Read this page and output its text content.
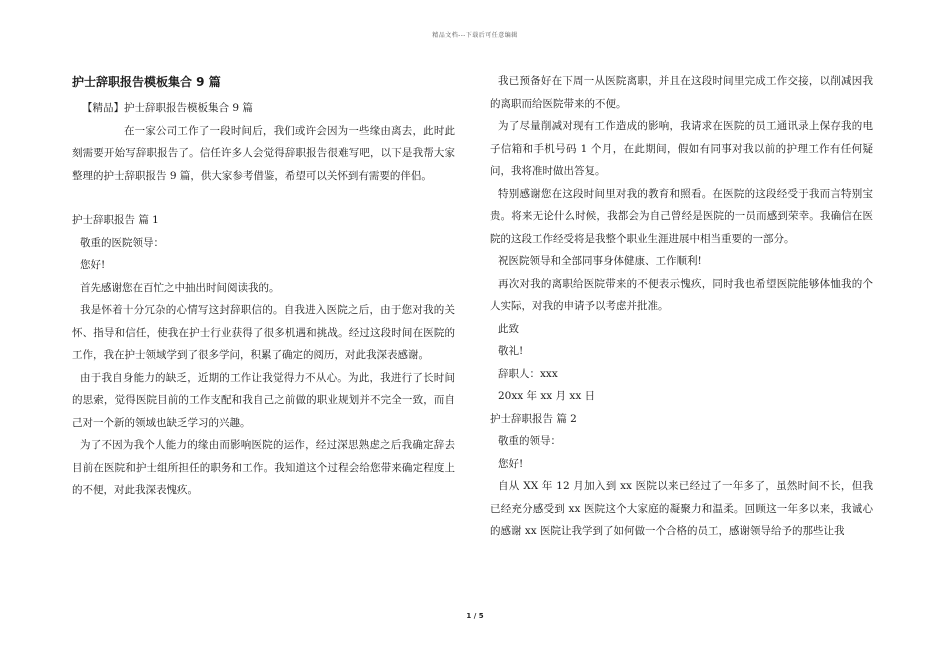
精品文档---下载后可任意编辑
护士辞职报告模板集合 9 篇

【精品】护士辞职报告模板集合 9 篇

在一家公司工作了一段时间后，我们或许会因为一些缘由离去，此时此刻需要开始写辞职报告了。信任许多人会觉得辞职报告很难写吧，以下是我帮大家整理的护士辞职报告 9 篇，供大家参考借鉴，希望可以关怀到有需要的伴侣。

护士辞职报告 篇 1

敬重的医院领导：

您好!

首先感谢您在百忙之中抽出时间阅读我的。

我是怀着十分冗杂的心情写这封辞职信的。自我进入医院之后，由于您对我的关怀、指导和信任，使我在护士行业获得了很多机遇和挑战。经过这段时间在医院的工作，我在护士领域学到了很多学问，积累了确定的阅历，对此我深表感谢。

由于我自身能力的缺乏，近期的工作让我觉得力不从心。为此，我进行了长时间的思索，觉得医院目前的工作支配和我自己之前做的职业规划并不完全一致，而自己对一个新的领域也缺乏学习的兴趣。

为了不因为我个人能力的缘由而影响医院的运作，经过深思熟虑之后我确定辞去目前在医院和护士组所担任的职务和工作。我知道这个过程会给您带来确定程度上的不便，对此我深表愧疚。

我已预备好在下周一从医院离职，并且在这段时间里完成工作交接，以削减因我的离职而给医院带来的不便。

为了尽量削减对现有工作造成的影响，我请求在医院的员工通讯录上保存我的电子信箱和手机号码 1 个月，在此期间，假如有同事对我以前的护理工作有任何疑问，我将准时做出答复。

特别感谢您在这段时间里对我的教育和照看。在医院的这段经受于我而言特别宝贵。将来无论什么时候，我都会为自己曾经是医院的一员而感到荣幸。我确信在医院的这段工作经受将是我整个职业生涯进展中相当重要的一部分。

祝医院领导和全部同事身体健康、工作顺利!

再次对我的离职给医院带来的不便表示愧疚，同时我也希望医院能够体恤我的个人实际，对我的申请予以考虑并批准。

此致

敬礼!

辞职人：xxx

20xx 年 xx 月 xx 日

护士辞职报告 篇 2

敬重的领导：

您好!

自从 XX 年 12 月加入到 xx 医院以来已经过了一年多了，虽然时间不长，但我已经充分感受到 xx 医院这个大家庭的凝聚力和温柔。回顾这一年多以来，我诚心的感谢 xx 医院让我学到了如何做一个合格的员工，感谢领导给予的那些让我

1 / 5
